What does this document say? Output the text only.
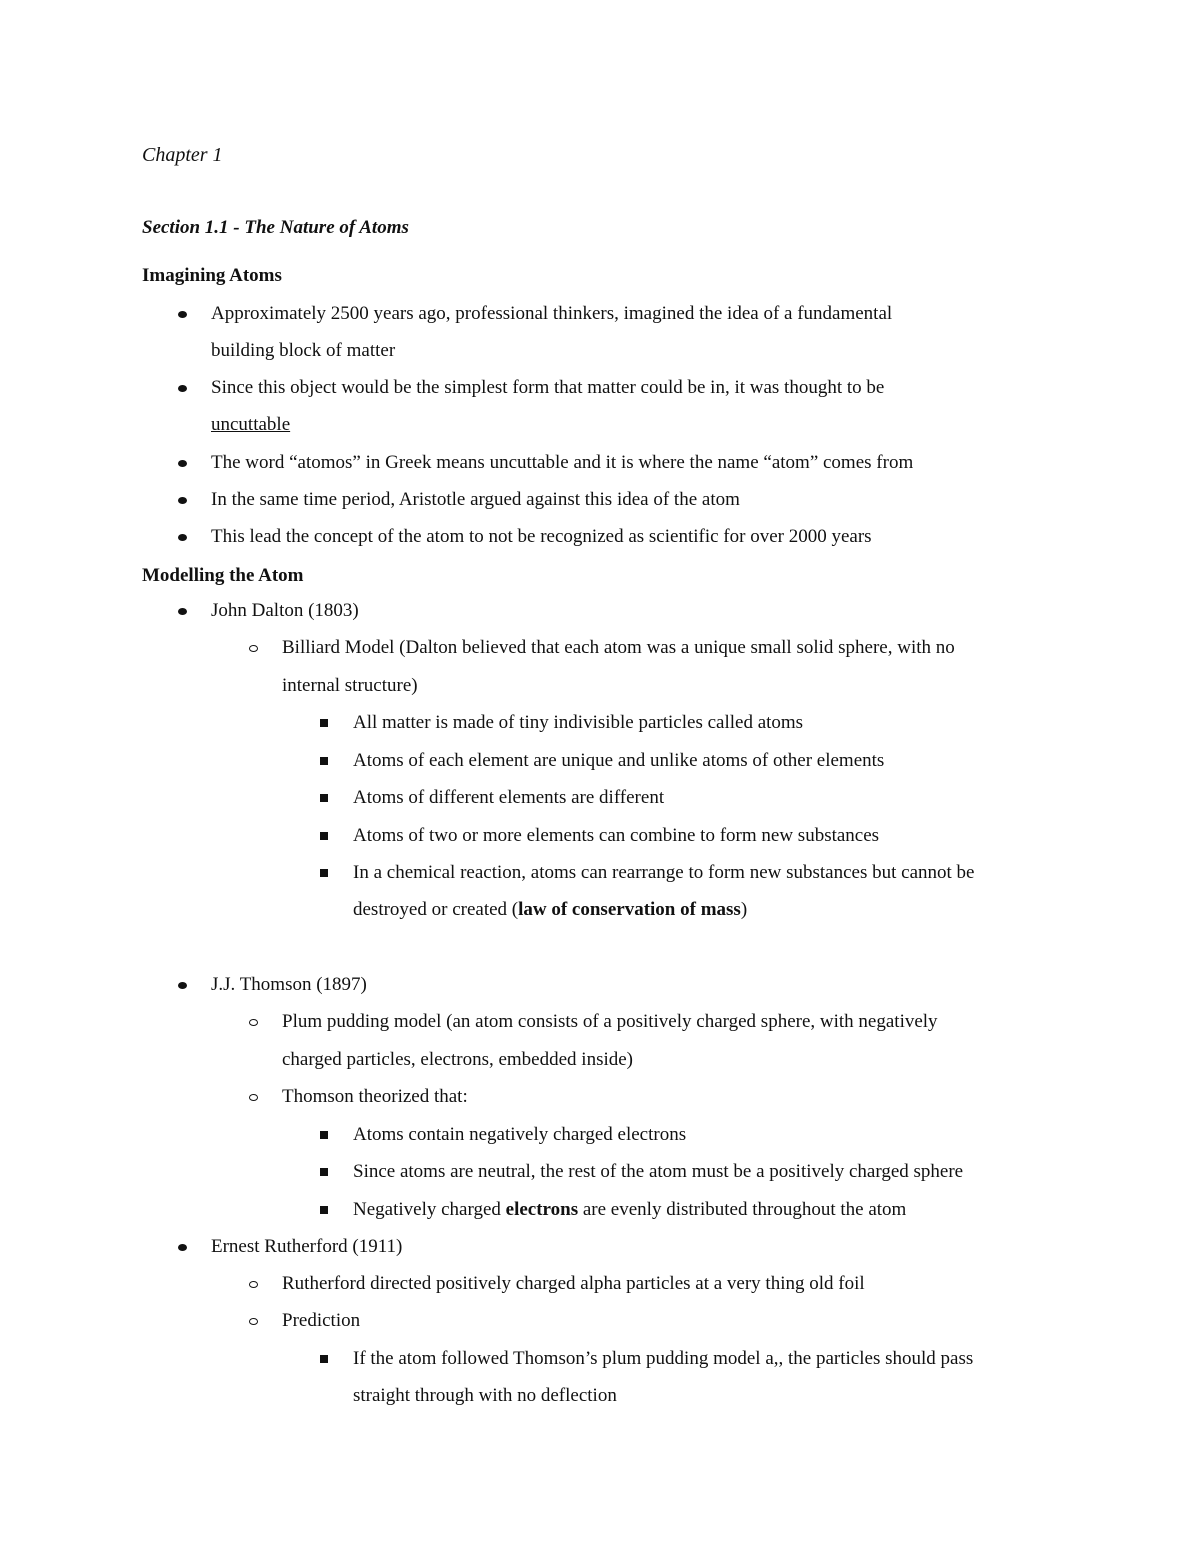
Chapter 1
Section 1.1 - The Nature of Atoms
Imagining Atoms
Approximately 2500 years ago, professional thinkers, imagined the idea of a fundamental
building block of matter
Since this object would be the simplest form that matter could be in, it was thought to be
uncuttable
The word “atomos” in Greek means uncuttable and it is where the name “atom” comes from
In the same time period, Aristotle argued against this idea of the atom
This lead the concept of the atom to not be recognized as scientific for over 2000 years
Modelling the Atom
John Dalton (1803)
Billiard Model (Dalton believed that each atom was a unique small solid sphere, with no
internal structure)
All matter is made of tiny indivisible particles called atoms
Atoms of each element are unique and unlike atoms of other elements
Atoms of different elements are different
Atoms of two or more elements can combine to form new substances
In a chemical reaction, atoms can rearrange to form new substances but cannot be
destroyed or created (law of conservation of mass)
J.J. Thomson (1897)
Plum pudding model (an atom consists of a positively charged sphere, with negatively
charged particles, electrons, embedded inside)
Thomson theorized that:
Atoms contain negatively charged electrons
Since atoms are neutral, the rest of the atom must be a positively charged sphere
Negatively charged electrons are evenly distributed throughout the atom
Ernest Rutherford (1911)
Rutherford directed positively charged alpha particles at a very thing old foil
Prediction
If the atom followed Thomson’s plum pudding model a,, the particles should pass
straight through with no deflection
